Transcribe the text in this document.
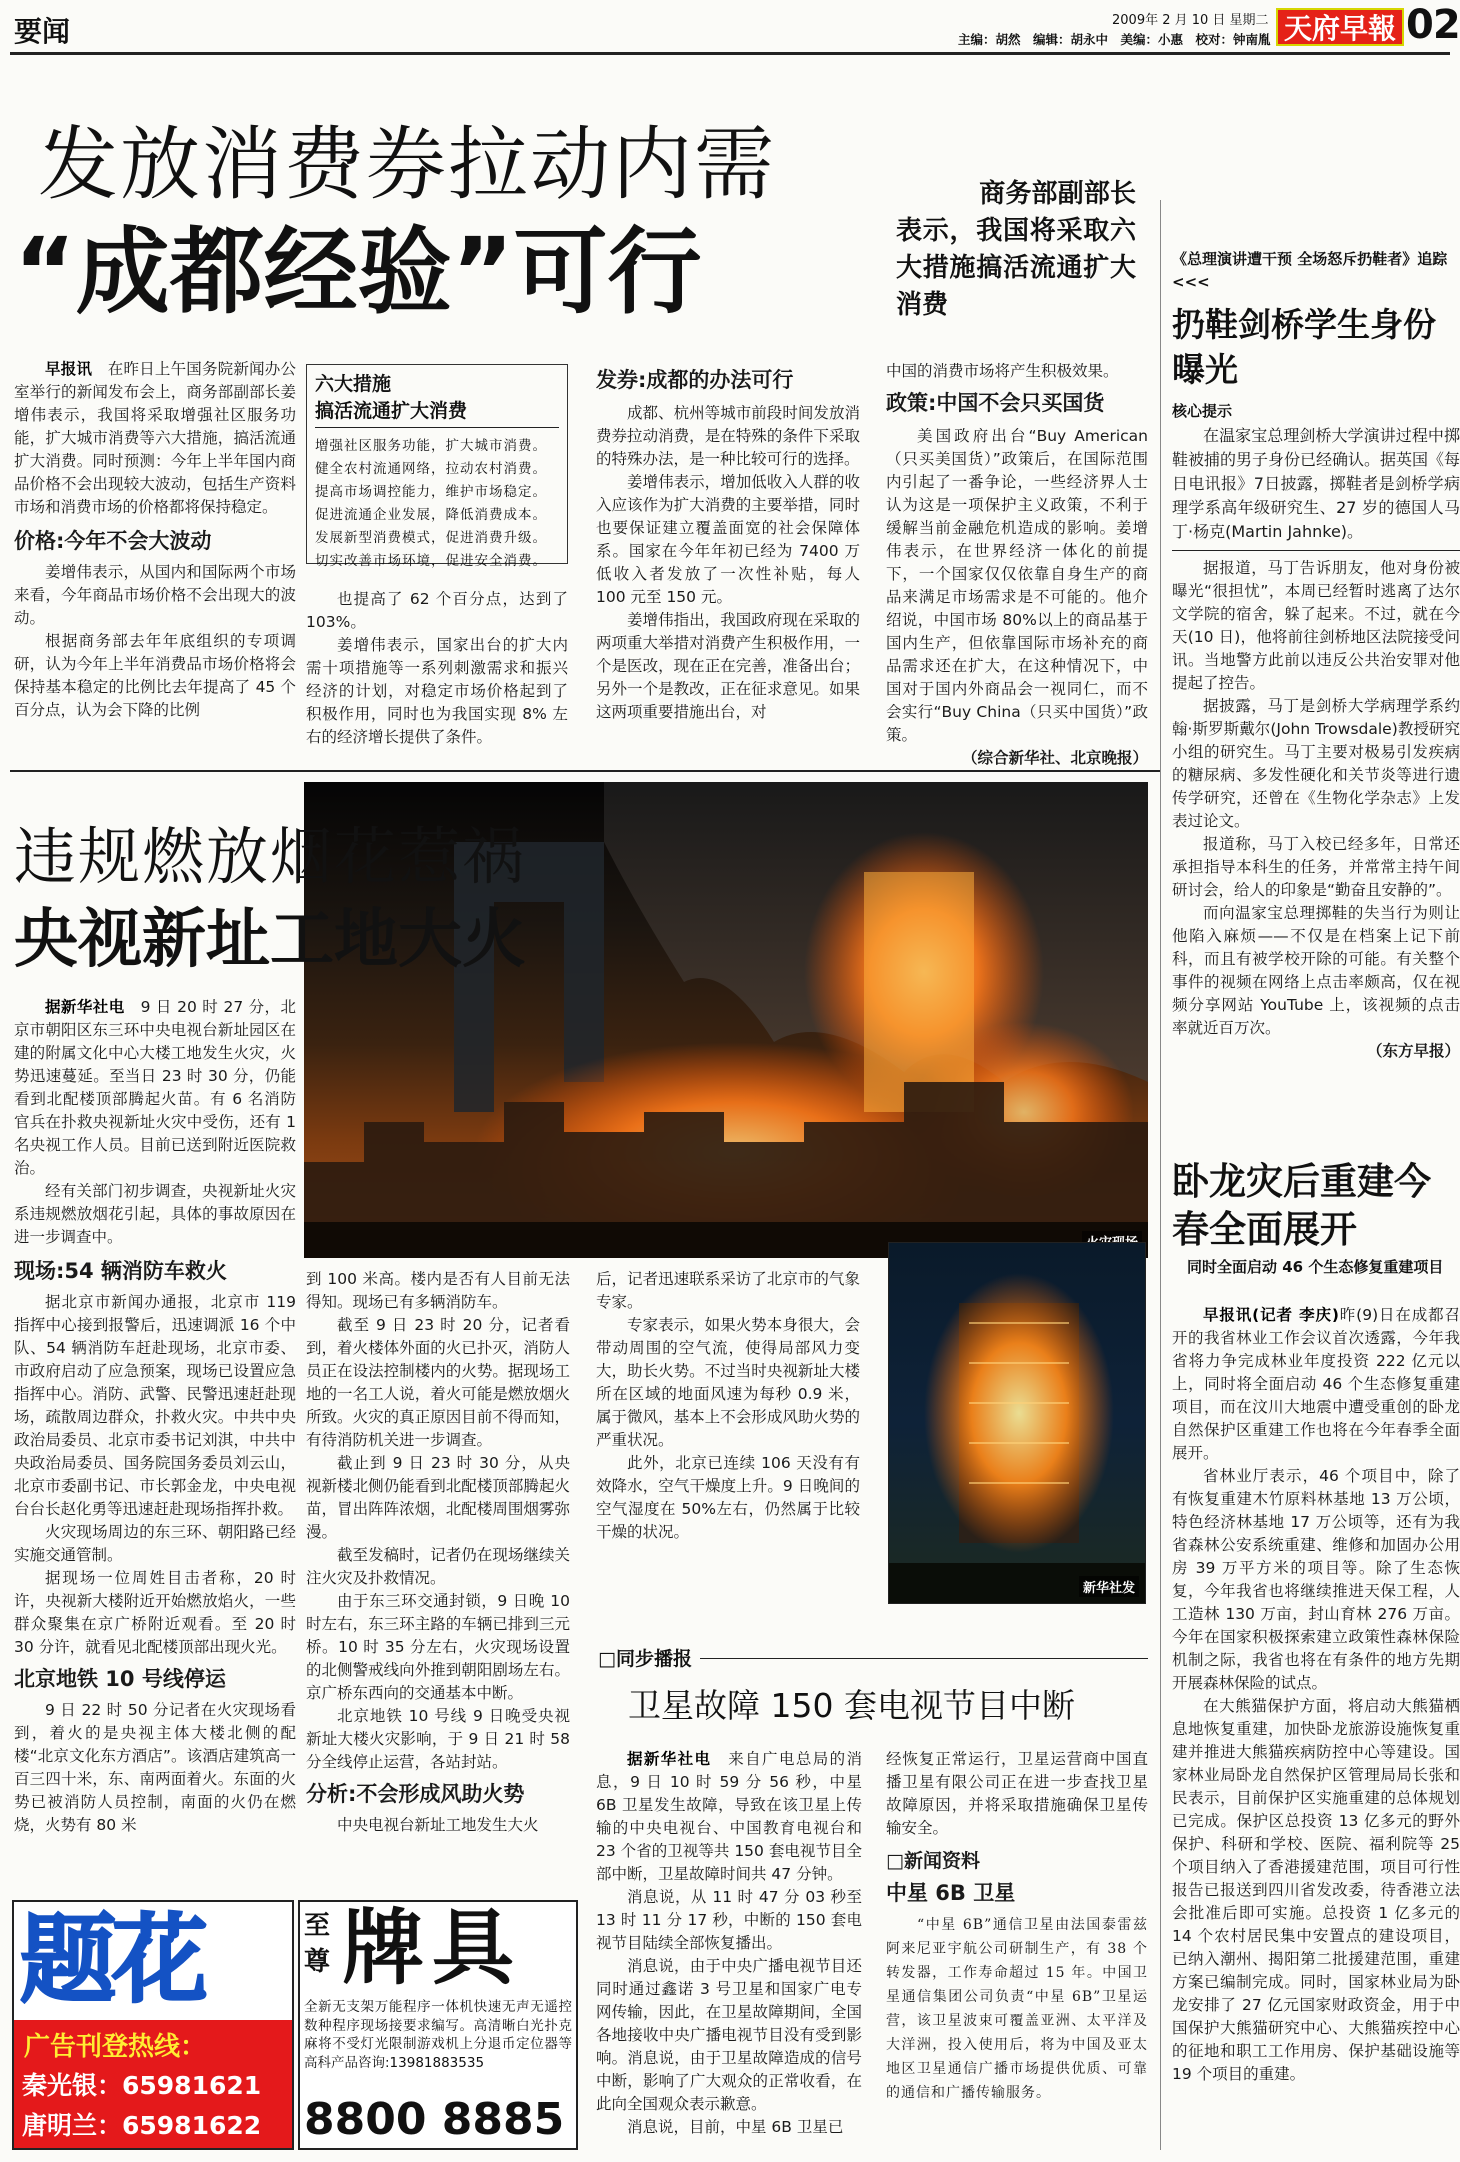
要闻	2009年 2 月 10 日 星期二
主编：胡然　编辑：胡永中　美编：小惠　校对：钟南胤 天府早報 02
发放消费券拉动内需
“成都经验”可行
商务部副部长表示，我国将采取六大措施搞活流通扩大消费

早报讯　 在昨日上午国务院新闻办公室举行的新闻发布会上，商务部副部长姜增伟表示，我国将采取增强社区服务功能，扩大城市消费等六大措施，搞活流通扩大消费。同时预测：今年上半年国内商品价格不会出现较大波动，包括生产资料市场和消费市场的价格都将保持稳定。

价格:今年不会大波动

姜增伟表示，从国内和国际两个市场来看，今年商品市场价格不会出现大的波动。

根据商务部去年年底组织的专项调研，认为今年上半年消费品市场价格将会保持基本稳定的比例比去年提高了 45 个百分点，认为会下降的比例

六大措施
搞活流通扩大消费
增强社区服务功能，扩大城市消费。
健全农村流通网络，拉动农村消费。
提高市场调控能力，维护市场稳定。
促进流通企业发展，降低消费成本。
发展新型消费模式，促进消费升级。
切实改善市场环境，促进安全消费。

也提高了 62 个百分点，达到了 103%。

姜增伟表示，国家出台的扩大内需十项措施等一系列刺激需求和振兴经济的计划，对稳定市场价格起到了积极作用，同时也为我国实现 8% 左右的经济增长提供了条件。

发券:成都的办法可行

成都、杭州等城市前段时间发放消费券拉动消费，是在特殊的条件下采取的特殊办法，是一种比较可行的选择。

姜增伟表示，增加低收入人群的收入应该作为扩大消费的主要举措，同时也要保证建立覆盖面宽的社会保障体系。国家在今年年初已经为 7400 万低收入者发放了一次性补贴，每人 100 元至 150 元。

姜增伟指出，我国政府现在采取的两项重大举措对消费产生积极作用，一个是医改，现在正在完善，准备出台；另外一个是教改，正在征求意见。如果这两项重要措施出台，对

中国的消费市场将产生积极效果。

政策:中国不会只买国货

美国政府出台“Buy American（只买美国货）”政策后，在国际范围内引起了一番争论，一些经济界人士认为这是一项保护主义政策，不利于缓解当前金融危机造成的影响。姜增伟表示，在世界经济一体化的前提下，一个国家仅仅依靠自身生产的商品来满足市场需求是不可能的。他介绍说，中国市场 80%以上的商品基于国内生产，但依靠国际市场补充的商品需求还在扩大，在这种情况下，中国对于国内外商品会一视同仁，而不会实行“Buy China（只买中国货）”政策。

（综合新华社、北京晚报）

违规燃放烟花惹祸
央视新址工地大火

据新华社电　 9 日 20 时 27 分，北京市朝阳区东三环中央电视台新址园区在建的附属文化中心大楼工地发生火灾，火势迅速蔓延。至当日 23 时 30 分，仍能看到北配楼顶部腾起火苗。有 6 名消防官兵在扑救央视新址火灾中受伤，还有 1 名央视工作人员。目前已送到附近医院救治。

经有关部门初步调查，央视新址火灾系违规燃放烟花引起，具体的事故原因在进一步调查中。

现场:54 辆消防车救火

据北京市新闻办通报，北京市 119 指挥中心接到报警后，迅速调派 16 个中队、54 辆消防车赶赴现场，北京市委、市政府启动了应急预案，现场已设置应急指挥中心。消防、武警、民警迅速赶赴现场，疏散周边群众，扑救火灾。中共中央政治局委员、北京市委书记刘淇，中共中央政治局委员、国务院国务委员刘云山，北京市委副书记、市长郭金龙，中央电视台台长赵化勇等迅速赶赴现场指挥扑救。

火灾现场周边的东三环、朝阳路已经实施交通管制。

据现场一位周姓目击者称，20 时许，央视新大楼附近开始燃放焰火，一些群众聚集在京广桥附近观看。至 20 时 30 分许，就看见北配楼顶部出现火光。

北京地铁 10 号线停运

9 日 22 时 50 分记者在火灾现场看到，着火的是央视主体大楼北侧的配楼“北京文化东方酒店”。该酒店建筑高一百三四十米，东、南两面着火。东面的火势已被消防人员控制，南面的火仍在燃烧，火势有 80 米

到 100 米高。楼内是否有人目前无法得知。现场已有多辆消防车。

截至 9 日 23 时 20 分，记者看到，着火楼体外面的火已扑灭，消防人员正在设法控制楼内的火势。据现场工地的一名工人说，着火可能是燃放烟火所致。火灾的真正原因目前不得而知，有待消防机关进一步调查。

截止到 9 日 23 时 30 分，从央视新楼北侧仍能看到北配楼顶部腾起火苗，冒出阵阵浓烟，北配楼周围烟雾弥漫。

截至发稿时，记者仍在现场继续关注火灾及扑救情况。

由于东三环交通封锁，9 日晚 10 时左右，东三环主路的车辆已排到三元桥。10 时 35 分左右，火灾现场设置的北侧警戒线向外推到朝阳剧场左右。京广桥东西向的交通基本中断。

北京地铁 10 号线 9 日晚受央视新址大楼火灾影响，于 9 日 21 时 58 分全线停止运营，各站封站。

分析:不会形成风助火势

中央电视台新址工地发生大火

后，记者迅速联系采访了北京市的气象专家。

专家表示，如果火势本身很大，会带动周围的空气流，使得局部风力变大，助长火势。不过当时央视新址大楼所在区域的地面风速为每秒 0.9 米，属于微风，基本上不会形成风助火势的严重状况。

此外，北京已连续 106 天没有有效降水，空气干燥度上升。9 日晚间的空气湿度在 50%左右，仍然属于比较干燥的状况。

新华社发
□同步播报
卫星故障 150 套电视节目中断

据新华社电　 来自广电总局的消息，9 日 10 时 59 分 56 秒，中星 6B 卫星发生故障，导致在该卫星上传输的中央电视台、中国教育电视台和 23 个省的卫视等共 150 套电视节目全部中断，卫星故障时间共 47 分钟。

消息说，从 11 时 47 分 03 秒至 13 时 11 分 17 秒，中断的 150 套电视节目陆续全部恢复播出。

消息说，由于中央广播电视节目还同时通过鑫诺 3 号卫星和国家广电专网传输，因此，在卫星故障期间，全国各地接收中央广播电视节目没有受到影响。消息说，由于卫星故障造成的信号中断，影响了广大观众的正常收看，在此向全国观众表示歉意。

消息说，目前，中星 6B 卫星已

经恢复正常运行，卫星运营商中国直播卫星有限公司正在进一步查找卫星故障原因，并将采取措施确保卫星传输安全。

□新闻资料
中星 6B 卫星

“中星 6B”通信卫星由法国泰雷兹阿来尼亚宇航公司研制生产，有 38 个转发器，工作寿命超过 15 年。中国卫星通信集团公司负责“中星 6B”卫星运营，该卫星波束可覆盖亚洲、太平洋及大洋洲，投入使用后，将为中国及亚太地区卫星通信广播市场提供优质、可靠的通信和广播传输服务。

题花
广告刊登热线：
秦光银：65981621
唐明兰：65981622
至尊 牌具
全新无支架万能程序一体机快速无声无遥控数种程序现场接要求编写。高清晰白光扑克麻将不受灯光限制游戏机上分退币定位器等高科产品咨询:13981883535
8800 8885
《总理演讲遭干预 全场怒斥扔鞋者》追踪<<<
扔鞋剑桥学生身份曝光
核心提示

在温家宝总理剑桥大学演讲过程中掷鞋被捕的男子身份已经确认。据英国《每日电讯报》7日披露，掷鞋者是剑桥学病理学系高年级研究生、27 岁的德国人马丁·杨克(Martin Jahnke)。

据报道，马丁告诉朋友，他对身份被曝光“很担忧”，本周已经暂时逃离了达尔文学院的宿舍，躲了起来。不过，就在今天(10 日)，他将前往剑桥地区法院接受问讯。当地警方此前以违反公共治安罪对他提起了控告。

据披露，马丁是剑桥大学病理学系约翰·斯罗斯戴尔(John Trowsdale)教授研究小组的研究生。马丁主要对极易引发疾病的糖尿病、多发性硬化和关节炎等进行遗传学研究，还曾在《生物化学杂志》上发表过论文。

报道称，马丁入校已经多年，日常还承担指导本科生的任务，并常常主持午间研讨会，给人的印象是“勤奋且安静的”。

而向温家宝总理掷鞋的失当行为则让他陷入麻烦——不仅是在档案上记下前科，而且有被学校开除的可能。有关整个事件的视频在网络上点击率颇高，仅在视频分享网站 YouTube 上，该视频的点击率就近百万次。

（东方早报）

卧龙灾后重建今春全面展开
同时全面启动 46 个生态修复重建项目

早报讯(记者 李庆)昨(9)日在成都召开的我省林业工作会议首次透露，今年我省将力争完成林业年度投资 222 亿元以上，同时将全面启动 46 个生态修复重建项目，而在汶川大地震中遭受重创的卧龙自然保护区重建工作也将在今年春季全面展开。

省林业厅表示，46 个项目中，除了有恢复重建木竹原料林基地 13 万公顷，特色经济林基地 17 万公顷等，还有为我省森林公安系统重建、维修和加固办公用房 39 万平方米的项目等。除了生态恢复，今年我省也将继续推进天保工程，人工造林 130 万亩，封山育林 276 万亩。今年在国家积极探索建立政策性森林保险机制之际，我省也将在有条件的地方先期开展森林保险的试点。

在大熊猫保护方面，将启动大熊猫栖息地恢复重建，加快卧龙旅游设施恢复重建并推进大熊猫疾病防控中心等建设。国家林业局卧龙自然保护区管理局局长张和民表示，目前保护区实施重建的总体规划已完成。保护区总投资 13 亿多元的野外保护、科研和学校、医院、福利院等 25 个项目纳入了香港援建范围，项目可行性报告已报送到四川省发改委，待香港立法会批准后即可实施。总投资 1 亿多元的 14 个农村居民集中安置点的建设项目，已纳入潮州、揭阳第二批援建范围，重建方案已编制完成。同时，国家林业局为卧龙安排了 27 亿元国家财政资金，用于中国保护大熊猫研究中心、大熊猫疾控中心的征地和职工工作用房、保护基础设施等 19 个项目的重建。
